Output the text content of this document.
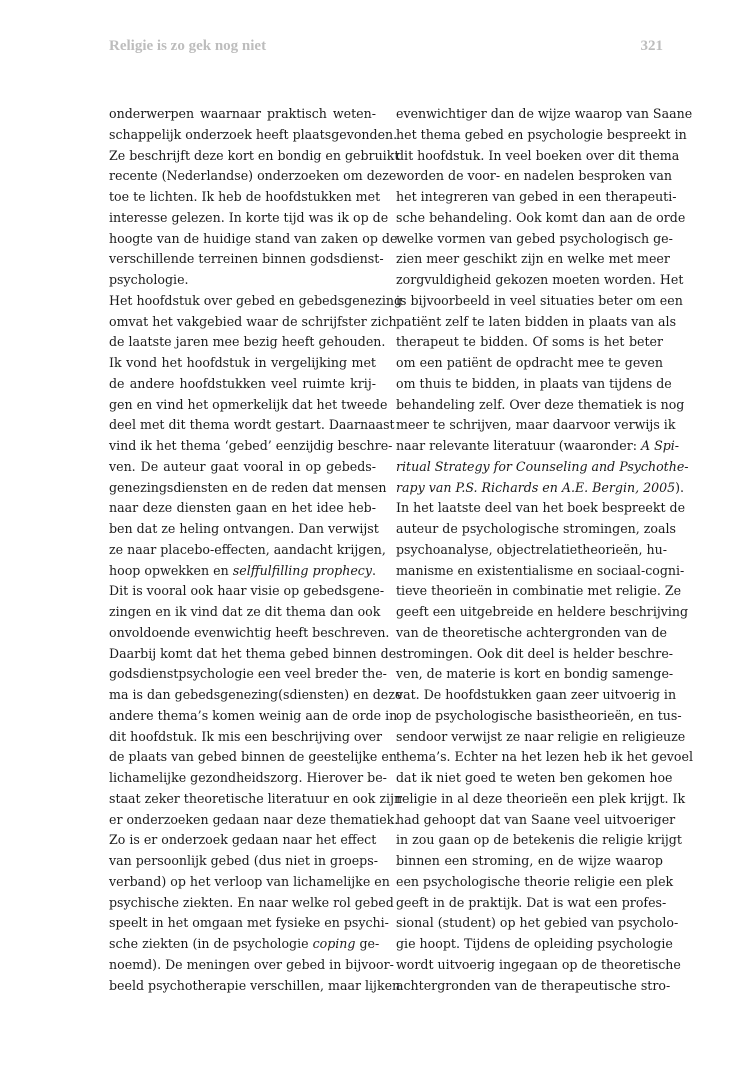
Religie is zo gek nog niet	321
onderwerpen waarnaar praktisch weten-
schappelijk onderzoek heeft plaatsgevonden.
Ze beschrijft deze kort en bondig en gebruikt
recente (Nederlandse) onderzoeken om deze
toe te lichten. Ik heb de hoofdstukken met
interesse gelezen. In korte tijd was ik op de
hoogte van de huidige stand van zaken op de
verschillende terreinen binnen godsdienst-
psychologie.
Het hoofdstuk over gebed en gebedsgenezing
omvat het vakgebied waar de schrijfster zich
de laatste jaren mee bezig heeft gehouden.
Ik vond het hoofdstuk in vergelijking met
de andere hoofdstukken veel ruimte krij-
gen en vind het opmerkelijk dat het tweede
deel met dit thema wordt gestart. Daarnaast
vind ik het thema ‘gebed’ eenzijdig beschre-
ven. De auteur gaat vooral in op gebeds-
genezingsdiensten en de reden dat mensen
naar deze diensten gaan en het idee heb-
ben dat ze heling ontvangen. Dan verwijst
ze naar placebo-effecten, aandacht krijgen,
hoop opwekken en selffulfilling prophecy.
Dit is vooral ook haar visie op gebedsgene-
zingen en ik vind dat ze dit thema dan ook
onvoldoende evenwichtig heeft beschreven.
Daarbij komt dat het thema gebed binnen de
godsdienstpsychologie een veel breder the-
ma is dan gebedsgenezing(sdiensten) en deze
andere thema’s komen weinig aan de orde in
dit hoofdstuk. Ik mis een beschrijving over
de plaats van gebed binnen de geestelijke en
lichamelijke gezondheidszorg. Hierover be-
staat zeker theoretische literatuur en ook zijn
er onderzoeken gedaan naar deze thematiek.
Zo is er onderzoek gedaan naar het effect
van persoonlijk gebed (dus niet in groeps-
verband) op het verloop van lichamelijke en
psychische ziekten. En naar welke rol gebed
speelt in het omgaan met fysieke en psychi-
sche ziekten (in de psychologie coping ge-
noemd). De meningen over gebed in bijvoor-
beeld psychotherapie verschillen, maar lijken
evenwichtiger dan de wijze waarop van Saane
het thema gebed en psychologie bespreekt in
dit hoofdstuk. In veel boeken over dit thema
worden de voor- en nadelen besproken van
het integreren van gebed in een therapeuti-
sche behandeling. Ook komt dan aan de orde
welke vormen van gebed psychologisch ge-
zien meer geschikt zijn en welke met meer
zorgvuldigheid gekozen moeten worden. Het
is bijvoorbeeld in veel situaties beter om een
patiënt zelf te laten bidden in plaats van als
therapeut te bidden. Of soms is het beter
om een patiënt de opdracht mee te geven
om thuis te bidden, in plaats van tijdens de
behandeling zelf. Over deze thematiek is nog
meer te schrijven, maar daarvoor verwijs ik
naar relevante literatuur (waaronder: A Spi-
ritual Strategy for Counseling and Psychothe-
rapy van P.S. Richards en A.E. Bergin, 2005).
In het laatste deel van het boek bespreekt de
auteur de psychologische stromingen, zoals
psychoanalyse, objectrelatietheorieën, hu-
manisme en existentialisme en sociaal-cogni-
tieve theorieën in combinatie met religie. Ze
geeft een uitgebreide en heldere beschrijving
van de theoretische achtergronden van de
stromingen. Ook dit deel is helder beschre-
ven, de materie is kort en bondig samenge-
vat. De hoofdstukken gaan zeer uitvoerig in
op de psychologische basistheorieën, en tus-
sendoor verwijst ze naar religie en religieuze
thema’s. Echter na het lezen heb ik het gevoel
dat ik niet goed te weten ben gekomen hoe
religie in al deze theorieën een plek krijgt. Ik
had gehoopt dat van Saane veel uitvoeriger
in zou gaan op de betekenis die religie krijgt
binnen een stroming, en de wijze waarop
een psychologische theorie religie een plek
geeft in de praktijk. Dat is wat een profes-
sional (student) op het gebied van psycholo-
gie hoopt. Tijdens de opleiding psychologie
wordt uitvoerig ingegaan op de theoretische
achtergronden van de therapeutische stro-
